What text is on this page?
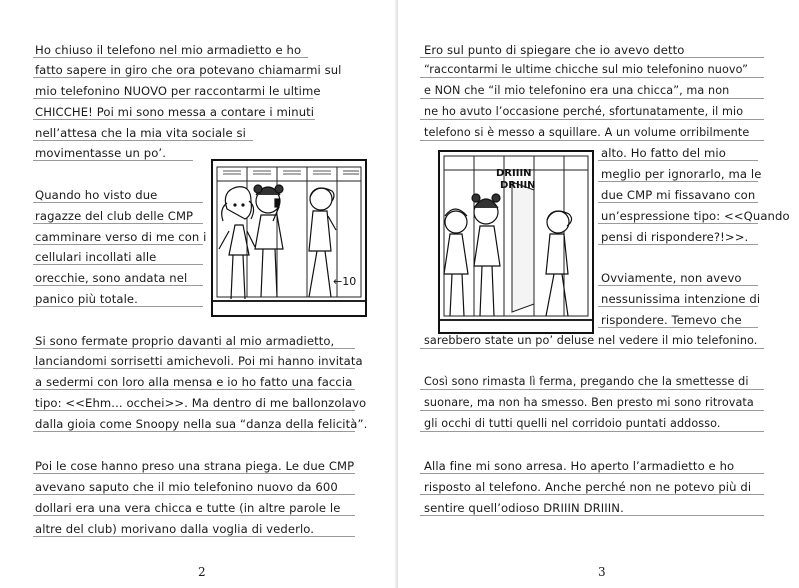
Ho chiuso il telefono nel mio armadietto e ho
fatto sapere in giro che ora potevano chiamarmi sul
mio telefonino NUOVO per raccontarmi le ultime
CHICCHE! Poi mi sono messa a contare i minuti
nell’attesa che la mia vita sociale si
movimentasse un po’.
Quando ho visto due
ragazze del club delle CMP
camminare verso di me con i
cellulari incollati alle
orecchie, sono andata nel
panico più totale.
Si sono fermate proprio davanti al mio armadietto,
lanciandomi sorrisetti amichevoli. Poi mi hanno invitata
a sedermi con loro alla mensa e io ho fatto una faccia
tipo: <<Ehm... occhei>>. Ma dentro di me ballonzolavo
dalla gioia come Snoopy nella sua “danza della felicità”.
Poi le cose hanno preso una strana piega. Le due CMP
avevano saputo che il mio telefonino nuovo da 600
dollari era una vera chicca e tutte (in altre parole le
altre del club) morivano dalla voglia di vederlo.
←10
2
Ero sul punto di spiegare che io avevo detto
“raccontarmi le ultime chicche sul mio telefonino nuovo”
e NON che “il mio telefonino era una chicca”, ma non
ne ho avuto l’occasione perché, sfortunatamente, il mio
telefono si è messo a squillare. A un volume orribilmente
alto. Ho fatto del mio
meglio per ignorarlo, ma le
due CMP mi fissavano con
un’espressione tipo: <<Quando
pensi di rispondere?!>>.
Ovviamente, non avevo
nessunissima intenzione di
rispondere. Temevo che
sarebbero state un po’ deluse nel vedere il mio telefonino.
Così sono rimasta lì ferma, pregando che la smettesse di
suonare, ma non ha smesso. Ben presto mi sono ritrovata
gli occhi di tutti quelli nel corridoio puntati addosso.
Alla fine mi sono arresa. Ho aperto l’armadietto e ho
risposto al telefono. Anche perché non ne potevo più di
sentire quell’odioso DRIIIN DRIIIN.
DRIIIN
DRIIIN
3
